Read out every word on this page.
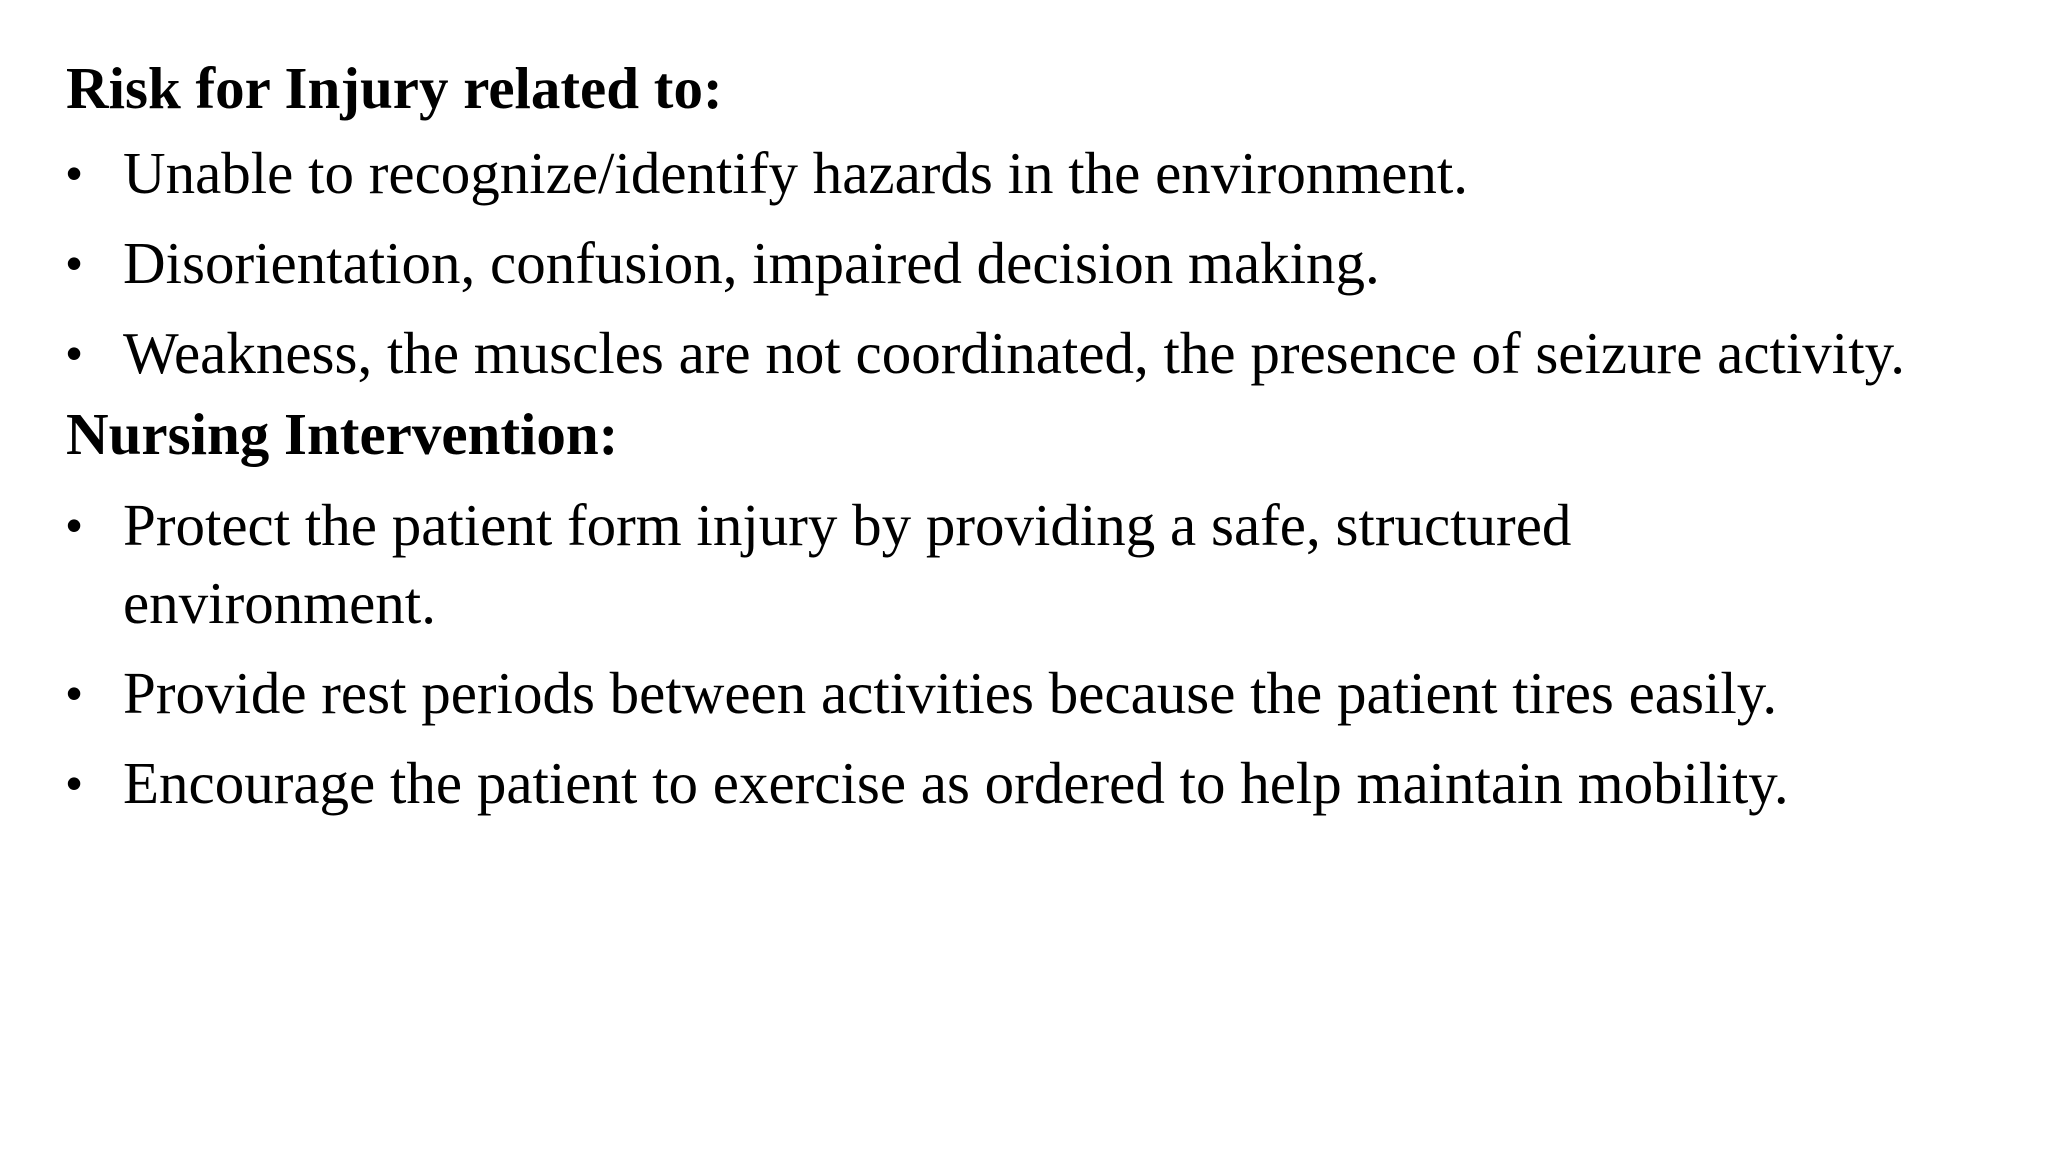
Risk for Injury related to:
• Unable to recognize/identify hazards in the environment.
• Disorientation, confusion, impaired decision making.
• Weakness, the muscles are not coordinated, the presence of seizure activity.
Nursing Intervention:
• Protect the patient form injury by providing a safe, structured environment.
• Provide rest periods between activities because the patient tires easily.
• Encourage the patient to exercise as ordered to help maintain mobility.
